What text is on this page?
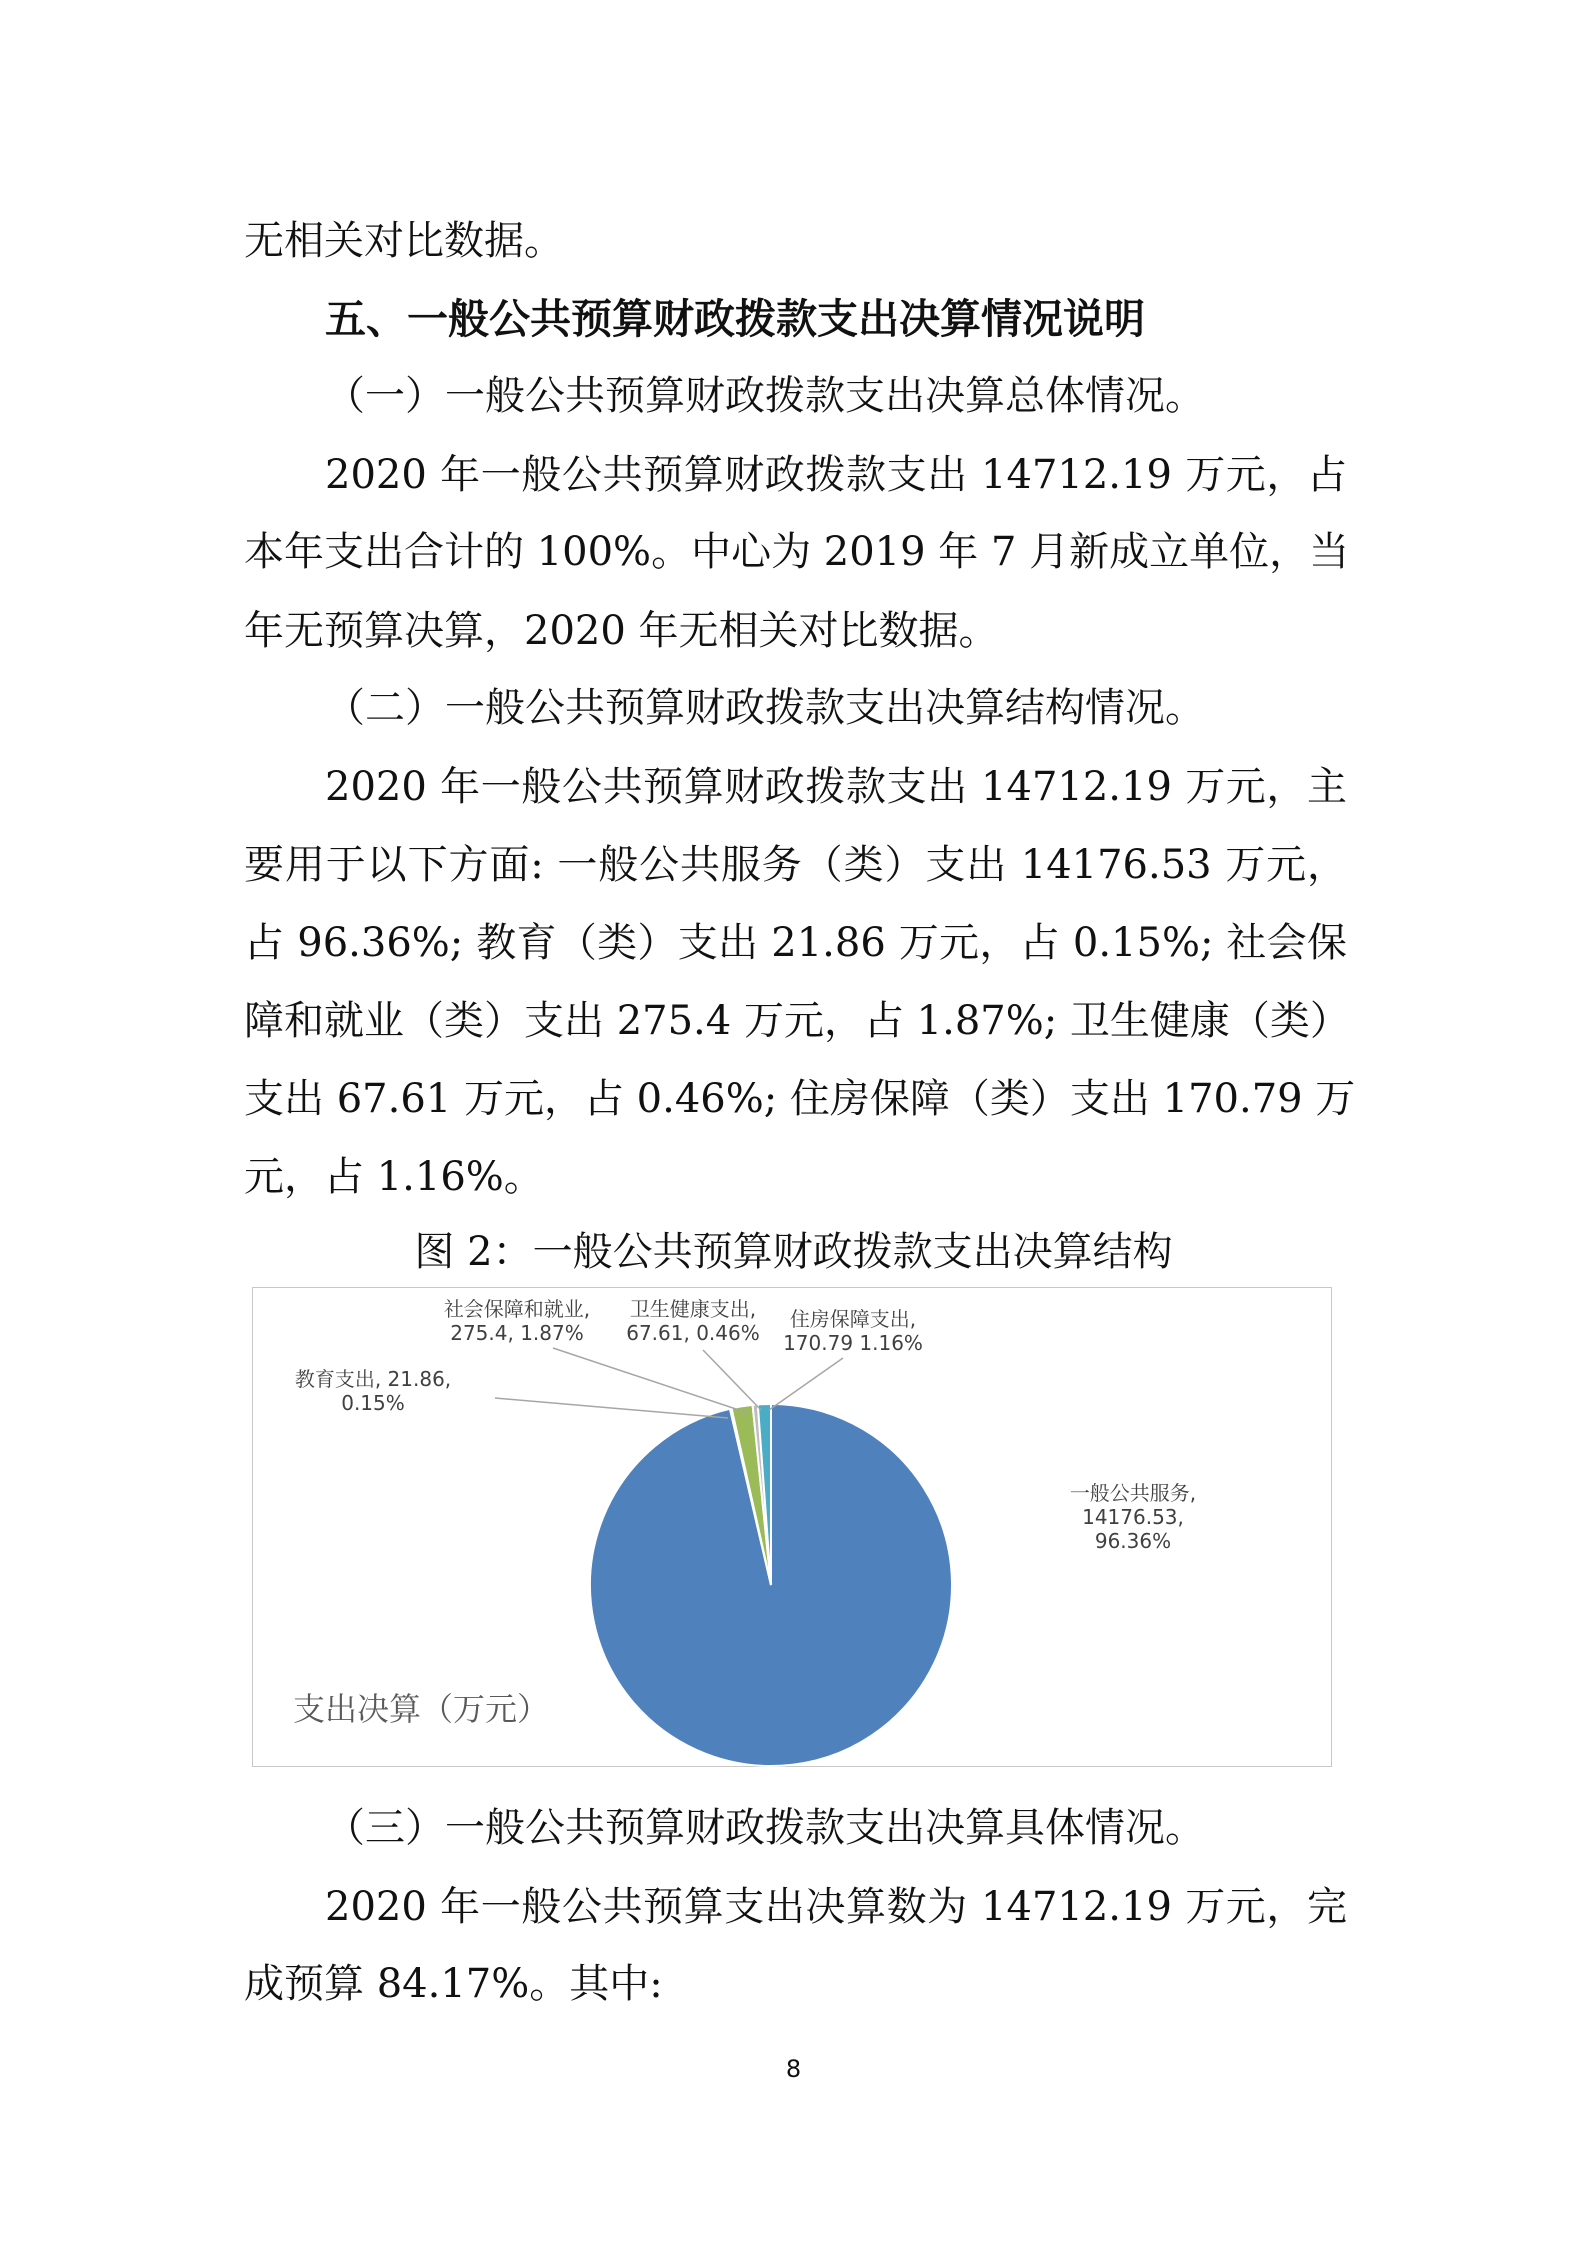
无相关对比数据。
五、一般公共预算财政拨款支出决算情况说明
（一）一般公共预算财政拨款支出决算总体情况。
2020 年一般公共预算财政拨款支出 14712.19 万元，占
本年支出合计的 100%。中心为 2019 年 7 月新成立单位，当
年无预算决算，2020 年无相关对比数据。
（二）一般公共预算财政拨款支出决算结构情况。
2020 年一般公共预算财政拨款支出 14712.19 万元，主
要用于以下方面: 一般公共服务（类）支出 14176.53 万元，
占 96.36%; 教育（类）支出 21.86 万元，占 0.15%; 社会保
障和就业（类）支出 275.4 万元，占 1.87%; 卫生健康（类）
支出 67.61 万元，占 0.46%; 住房保障（类）支出 170.79 万
元，占 1.16%。
图 2：一般公共预算财政拨款支出决算结构
一般公共服务, 14176.53, 96.36%
教育支出, 21.86, 0.15%
社会保障和就业, 275.4, 1.87%
卫生健康支出, 67.61, 0.46%
住房保障支出, 170.79 1.16%
支出决算（万元）
（三）一般公共预算财政拨款支出决算具体情况。
2020 年一般公共预算支出决算数为 14712.19 万元，完
成预算 84.17%。其中:
8
